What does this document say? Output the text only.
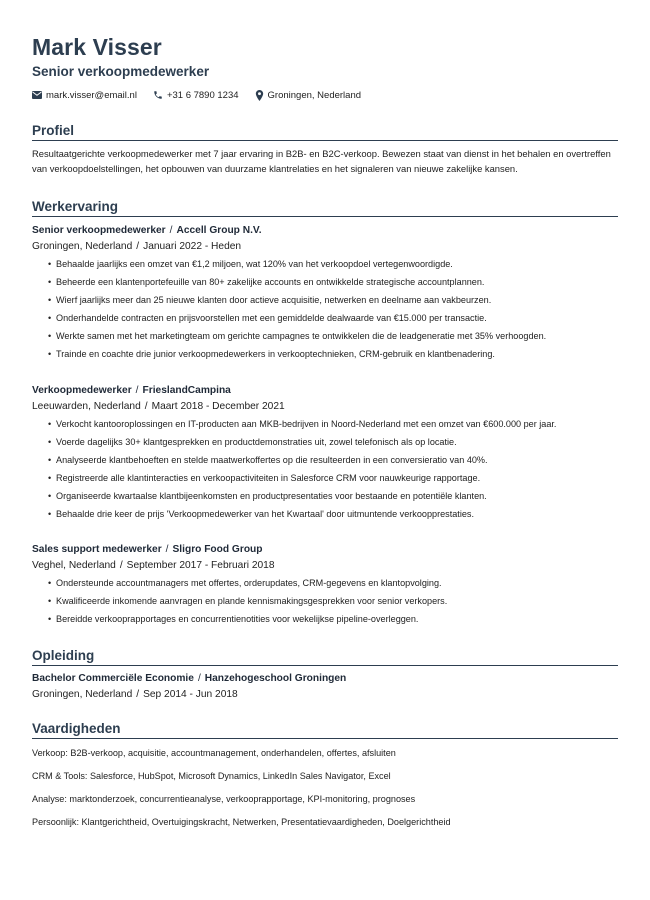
Mark Visser
Senior verkoopmedewerker
mark.visser@email.nl	+31 6 7890 1234	Groningen, Nederland
Profiel

Resultaatgerichte verkoopmedewerker met 7 jaar ervaring in B2B- en B2C-verkoop. Bewezen staat van dienst in het behalen en overtreffen van verkoopdoelstellingen, het opbouwen van duurzame klantrelaties en het signaleren van nieuwe zakelijke kansen.

Werkervaring
Senior verkoopmedewerker / Accell Group N.V.
Groningen, Nederland / Januari 2022 - Heden
• Behaalde jaarlijks een omzet van €1,2 miljoen, wat 120% van het verkoopdoel vertegenwoordigde.
• Beheerde een klantenportefeuille van 80+ zakelijke accounts en ontwikkelde strategische accountplannen.
• Wierf jaarlijks meer dan 25 nieuwe klanten door actieve acquisitie, netwerken en deelname aan vakbeurzen.
• Onderhandelde contracten en prijsvoorstellen met een gemiddelde dealwaarde van €15.000 per transactie.
• Werkte samen met het marketingteam om gerichte campagnes te ontwikkelen die de leadgeneratie met 35% verhoogden.
• Trainde en coachte drie junior verkoopmedewerkers in verkooptechnieken, CRM-gebruik en klantbenadering.
Verkoopmedewerker / FrieslandCampina
Leeuwarden, Nederland / Maart 2018 - December 2021
• Verkocht kantooroplossingen en IT-producten aan MKB-bedrijven in Noord-Nederland met een omzet van €600.000 per jaar.
• Voerde dagelijks 30+ klantgesprekken en productdemonstraties uit, zowel telefonisch als op locatie.
• Analyseerde klantbehoeften en stelde maatwerkoffertes op die resulteerden in een conversieratio van 40%.
• Registreerde alle klantinteracties en verkoopactiviteiten in Salesforce CRM voor nauwkeurige rapportage.
• Organiseerde kwartaalse klantbijeenkomsten en productpresentaties voor bestaande en potentiële klanten.
• Behaalde drie keer de prijs 'Verkoopmedewerker van het Kwartaal' door uitmuntende verkoopprestaties.
Sales support medewerker / Sligro Food Group
Veghel, Nederland / September 2017 - Februari 2018
• Ondersteunde accountmanagers met offertes, orderupdates, CRM-gegevens en klantopvolging.
• Kwalificeerde inkomende aanvragen en plande kennismakingsgesprekken voor senior verkopers.
• Bereidde verkooprapportages en concurrentienotities voor wekelijkse pipeline-overleggen.
Opleiding
Bachelor Commerciële Economie / Hanzehogeschool Groningen
Groningen, Nederland / Sep 2014 - Jun 2018
Vaardigheden
Verkoop: B2B-verkoop, acquisitie, accountmanagement, onderhandelen, offertes, afsluiten
CRM & Tools: Salesforce, HubSpot, Microsoft Dynamics, LinkedIn Sales Navigator, Excel
Analyse: marktonderzoek, concurrentieanalyse, verkooprapportage, KPI-monitoring, prognoses
Persoonlijk: Klantgerichtheid, Overtuigingskracht, Netwerken, Presentatievaardigheden, Doelgerichtheid
